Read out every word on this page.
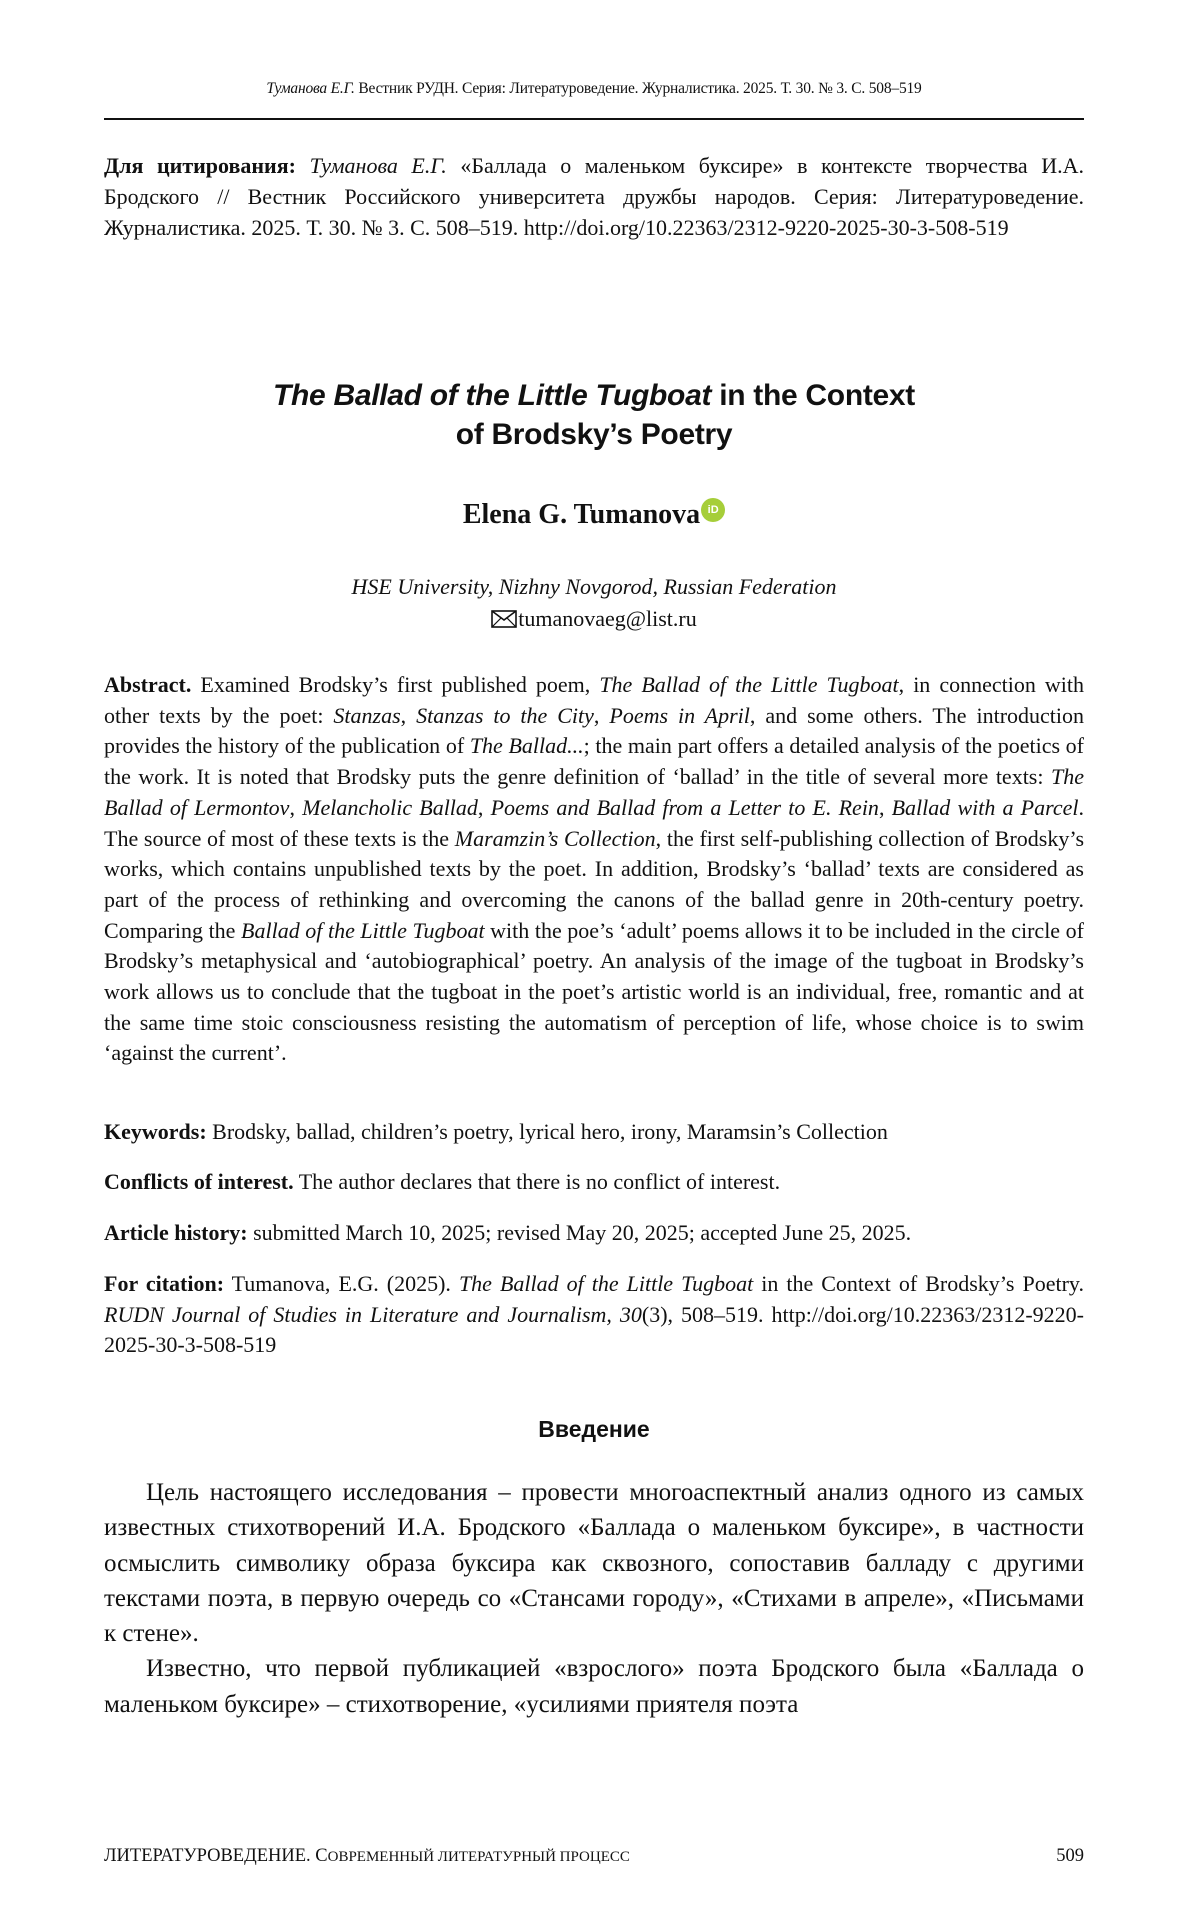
Туманова Е.Г. Вестник РУДН. Серия: Литературоведение. Журналистика. 2025. Т. 30. № 3. С. 508–519
Для цитирования: Туманова Е.Г. «Баллада о маленьком буксире» в контексте творчества И.А. Бродского // Вестник Российского университета дружбы народов. Серия: Литературоведение. Журналистика. 2025. Т. 30. № 3. С. 508–519. http://doi.org/10.22363/2312-9220-2025-30-3-508-519
The Ballad of the Little Tugboat in the Context
of Brodsky’s Poetry
Elena G. Tumanova iD
HSE University, Nizhny Novgorod, Russian Federation
tumanovaeg@list.ru
Abstract. Examined Brodsky’s first published poem, The Ballad of the Little Tugboat, in connection with other texts by the poet: Stanzas, Stanzas to the City, Poems in April, and some others. The introduction provides the history of the publication of The Ballad...; the main part offers a detailed analysis of the poetics of the work. It is noted that Brodsky puts the genre definition of ‘ballad’ in the title of several more texts: The Ballad of Lermontov, Melancholic Ballad, Poems and Ballad from a Letter to E. Rein, Ballad with a Parcel. The source of most of these texts is the Maramzin’s Collection, the first self-publishing collection of Brodsky’s works, which contains unpublished texts by the poet. In addition, Brodsky’s ‘ballad’ texts are considered as part of the process of rethinking and overcoming the canons of the ballad genre in 20th-century poetry. Comparing the Ballad of the Little Tugboat with the poe’s ‘adult’ poems allows it to be included in the circle of Brodsky’s metaphysical and ‘autobiographical’ poetry. An analysis of the image of the tugboat in Brodsky’s work allows us to conclude that the tugboat in the poet’s artistic world is an individual, free, romantic and at the same time stoic consciousness resisting the automatism of perception of life, whose choice is to swim ‘against the current’.
Keywords: Brodsky, ballad, children’s poetry, lyrical hero, irony, Maramsin’s Collection
Conflicts of interest. The author declares that there is no conflict of interest.
Article history: submitted March 10, 2025; revised May 20, 2025; accepted June 25, 2025.
For citation: Tumanova, E.G. (2025). The Ballad of the Little Tugboat in the Context of Brodsky’s Poetry. RUDN Journal of Studies in Literature and Journalism, 30(3), 508–519. http://doi.org/10.22363/2312-9220-2025-30-3-508-519
Введение

Цель настоящего исследования – провести многоаспектный анализ одного из самых известных стихотворений И.А. Бродского «Баллада о маленьком буксире», в частности осмыслить символику образа буксира как сквозного, сопоставив балладу с другими текстами поэта, в первую очередь со «Стансами городу», «Стихами в апреле», «Письмами к стене».

Известно, что первой публикацией «взрослого» поэта Бродского была «Баллада о маленьком буксире» – стихотворение, «усилиями приятеля поэта

ЛИТЕРАТУРОВЕДЕНИЕ. СОВРЕМЕННЫЙ ЛИТЕРАТУРНЫЙ ПРОЦЕСС	509
